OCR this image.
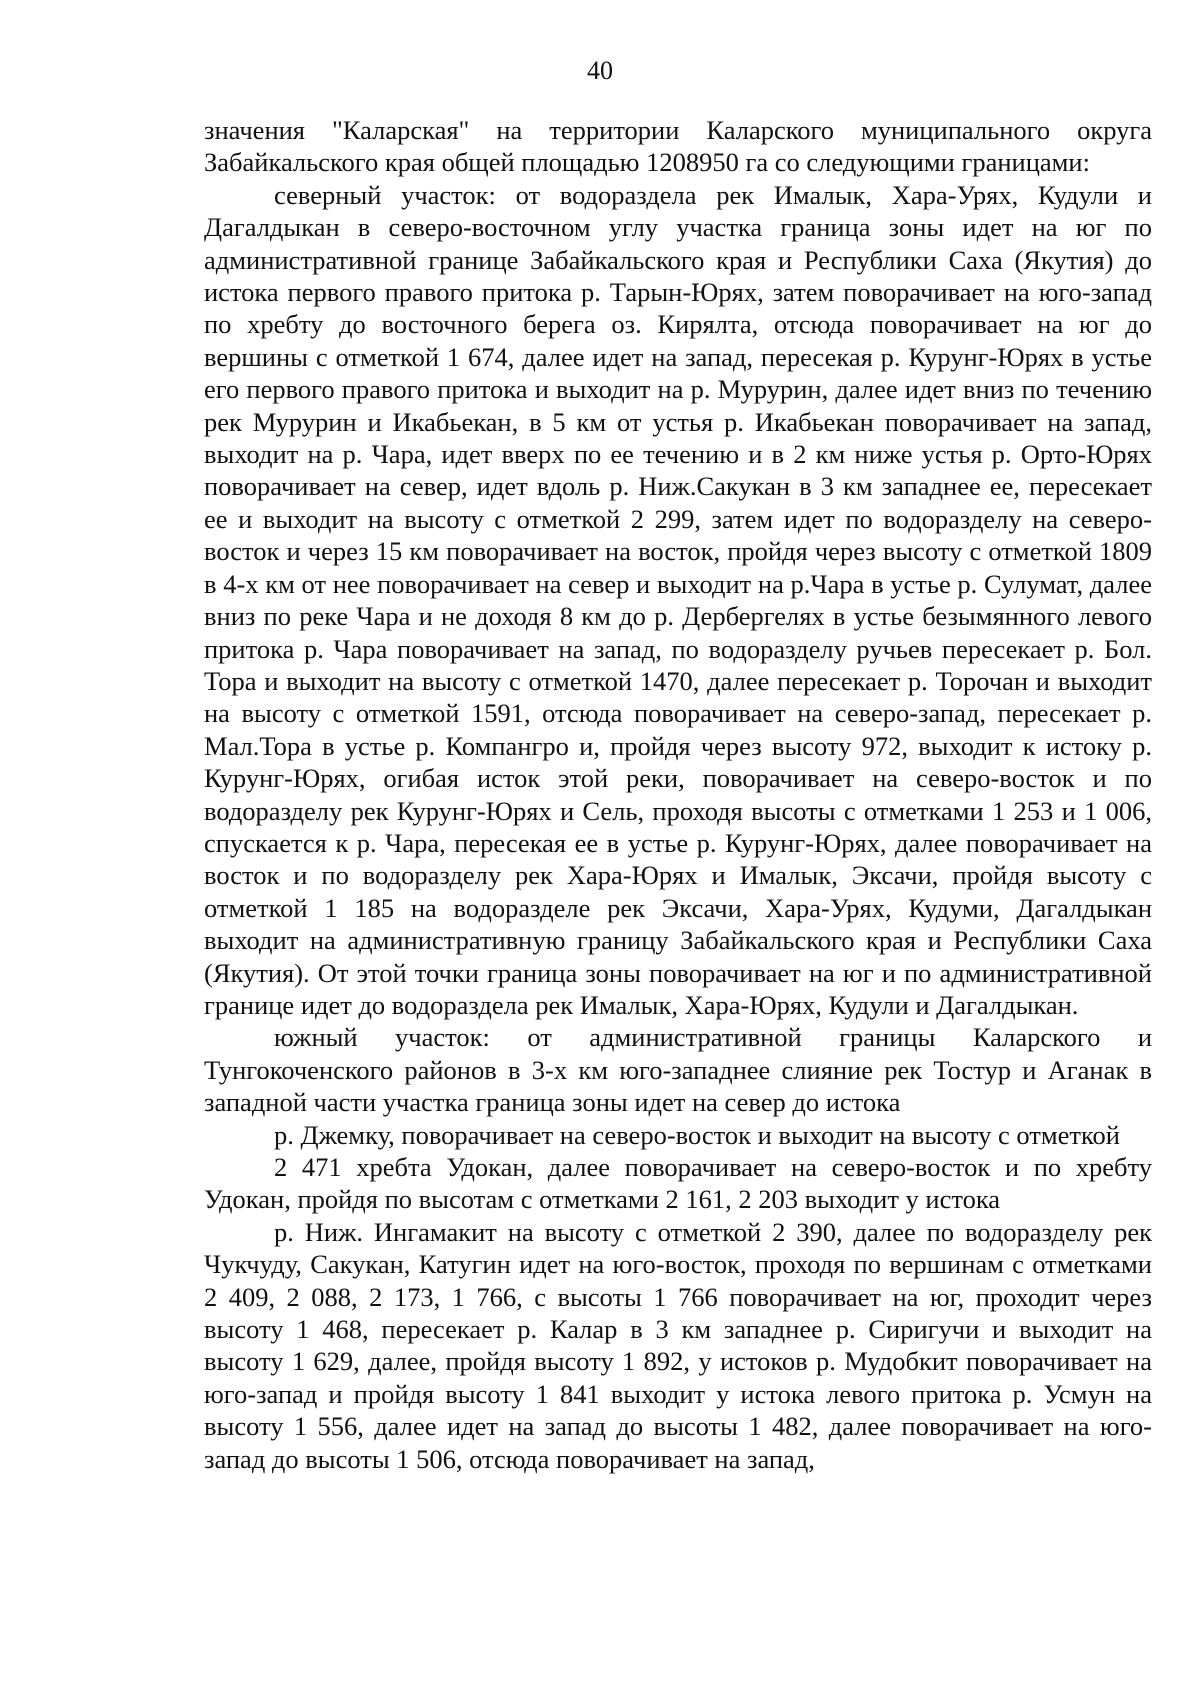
40

значения "Каларская" на территории Каларского муниципального округа Забайкальского края общей площадью 1208950 га со следующими границами:

северный участок: от водораздела рек Ималык, Хара-Урях, Кудули и Дагалдыкан в северо-восточном углу участка граница зоны идет на юг по административной границе Забайкальского края и Республики Саха (Якутия) до истока первого правого притока р. Тарын-Юрях, затем поворачивает на юго-запад по хребту до восточного берега оз. Кирялта, отсюда поворачивает на юг до вершины с отметкой 1 674, далее идет на запад, пересекая р. Курунг-Юрях в устье его первого правого притока и выходит на р. Мурурин, далее идет вниз по течению рек Мурурин и Икабьекан, в 5 км от устья р. Икабьекан поворачивает на запад, выходит на р. Чара, идет вверх по ее течению и в 2 км ниже устья р. Орто-Юрях поворачивает на север, идет вдоль р. Ниж.Сакукан в 3 км западнее ее, пересекает ее и выходит на высоту с отметкой 2 299, затем идет по водоразделу на северо-восток и через 15 км поворачивает на восток, пройдя через высоту с отметкой 1809 в 4-х км от нее поворачивает на север и выходит на р.Чара в устье р. Сулумат, далее вниз по реке Чара и не доходя 8 км до р. Дербергелях в устье безымянного левого притока р. Чара поворачивает на запад, по водоразделу ручьев пересекает р. Бол. Тора и выходит на высоту с отметкой 1470, далее пересекает р. Торочан и выходит на высоту с отметкой 1591, отсюда поворачивает на северо-запад, пересекает р. Мал.Тора в устье р. Компангро и, пройдя через высоту 972, выходит к истоку р. Курунг-Юрях, огибая исток этой реки, поворачивает на северо-восток и по водоразделу рек Курунг-Юрях и Сель, проходя высоты с отметками 1 253 и 1 006, спускается к р. Чара, пересекая ее в устье р. Курунг-Юрях, далее поворачивает на восток и по водоразделу рек Хара-Юрях и Ималык, Эксачи, пройдя высоту с отметкой 1 185 на водоразделе рек Эксачи, Хара-Урях, Кудуми, Дагалдыкан выходит на административную границу Забайкальского края и Республики Саха (Якутия). От этой точки граница зоны поворачивает на юг и по административной границе идет до водораздела рек Ималык, Хара-Юрях, Кудули и Дагалдыкан.

южный участок: от административной границы Каларского и Тунгокоченского районов в 3-х км юго-западнее слияние рек Тостур и Аганак в западной части участка граница зоны идет на север до истока

р. Джемку, поворачивает на северо-восток и выходит на высоту с отметкой

2 471 хребта Удокан, далее поворачивает на северо-восток и по хребту Удокан, пройдя по высотам с отметками 2 161, 2 203 выходит у истока

р. Ниж. Ингамакит на высоту с отметкой 2 390, далее по водоразделу рек Чукчуду, Сакукан, Катугин идет на юго-восток, проходя по вершинам с отметками 2 409, 2 088, 2 173, 1 766, с высоты 1 766 поворачивает на юг, проходит через высоту 1 468, пересекает р. Калар в 3 км западнее р. Сиригучи и выходит на высоту 1 629, далее, пройдя высоту 1 892, у истоков р. Мудобкит поворачивает на юго-запад и пройдя высоту 1 841 выходит у истока левого притока р. Усмун на высоту 1 556, далее идет на запад до высоты 1 482, далее поворачивает на юго-запад до высоты 1 506, отсюда поворачивает на запад,
